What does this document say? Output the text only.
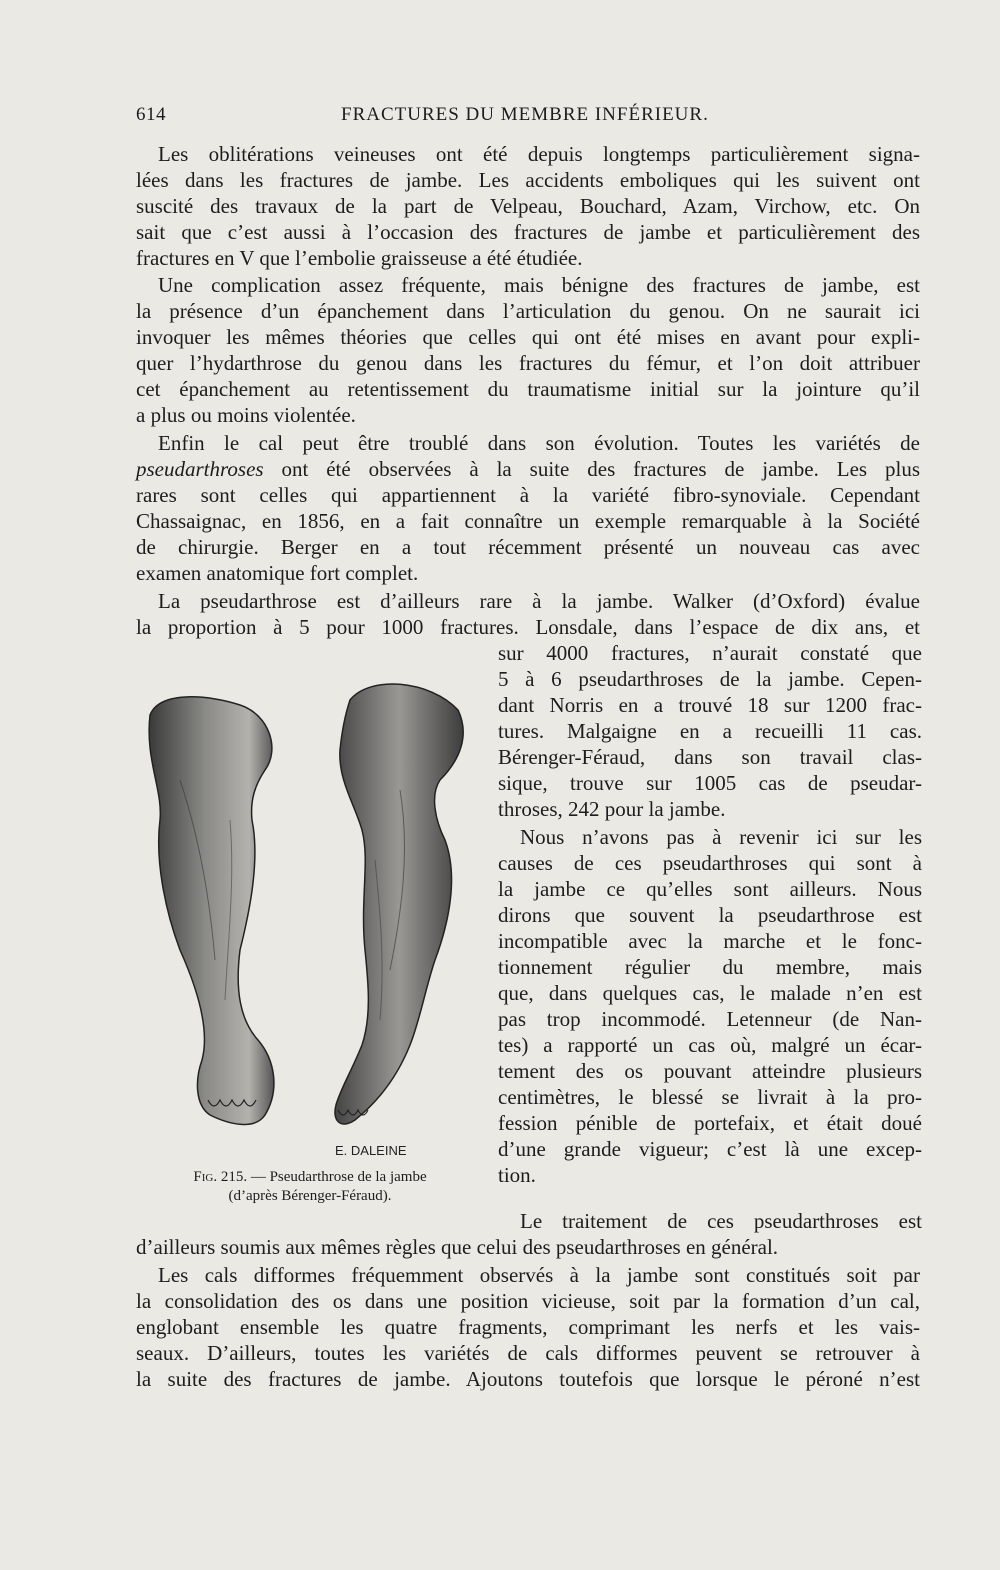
614	FRACTURES DU MEMBRE INFÉRIEUR.
Les oblitérations veineuses ont été depuis longtemps particulièrement signa-
lées dans les fractures de jambe. Les accidents emboliques qui les suivent ont
suscité des travaux de la part de Velpeau, Bouchard, Azam, Virchow, etc. On
sait que c’est aussi à l’occasion des fractures de jambe et particulièrement des
fractures en V que l’embolie graisseuse a été étudiée.
Une complication assez fréquente, mais bénigne des fractures de jambe, est
la présence d’un épanchement dans l’articulation du genou. On ne saurait ici
invoquer les mêmes théories que celles qui ont été mises en avant pour expli-
quer l’hydarthrose du genou dans les fractures du fémur, et l’on doit attribuer
cet épanchement au retentissement du traumatisme initial sur la jointure qu’il
a plus ou moins violentée.
Enfin le cal peut être troublé dans son évolution. Toutes les variétés de
pseudarthroses ont été observées à la suite des fractures de jambe. Les plus
rares sont celles qui appartiennent à la variété fibro-synoviale. Cependant
Chassaignac, en 1856, en a fait connaître un exemple remarquable à la Société
de chirurgie. Berger en a tout récemment présenté un nouveau cas avec
examen anatomique fort complet.
La pseudarthrose est d’ailleurs rare à la jambe. Walker (d’Oxford) évalue
la proportion à 5 pour 1000 fractures. Lonsdale, dans l’espace de dix ans, et
sur 4000 fractures, n’aurait constaté que
5 à 6 pseudarthroses de la jambe. Cepen-
dant Norris en a trouvé 18 sur 1200 frac-
tures. Malgaigne en a recueilli 11 cas.
Bérenger-Féraud, dans son travail clas-
sique, trouve sur 1005 cas de pseudar-
throses, 242 pour la jambe.
Nous n’avons pas à revenir ici sur les
causes de ces pseudarthroses qui sont à
la jambe ce qu’elles sont ailleurs. Nous
dirons que souvent la pseudarthrose est
incompatible avec la marche et le fonc-
tionnement régulier du membre, mais
que, dans quelques cas, le malade n’en est
pas trop incommodé. Letenneur (de Nan-
tes) a rapporté un cas où, malgré un écar-
tement des os pouvant atteindre plusieurs
centimètres, le blessé se livrait à la pro-
fession pénible de portefaix, et était doué
d’une grande vigueur; c’est là une excep-
tion.
E. DALEINE
Fig. 215. — Pseudarthrose de la jambe
(d’après Bérenger-Féraud).
Le traitement de ces pseudarthroses est
d’ailleurs soumis aux mêmes règles que celui des pseudarthroses en général.
Les cals difformes fréquemment observés à la jambe sont constitués soit par
la consolidation des os dans une position vicieuse, soit par la formation d’un cal,
englobant ensemble les quatre fragments, comprimant les nerfs et les vais-
seaux. D’ailleurs, toutes les variétés de cals difformes peuvent se retrouver à
la suite des fractures de jambe. Ajoutons toutefois que lorsque le péroné n’est
